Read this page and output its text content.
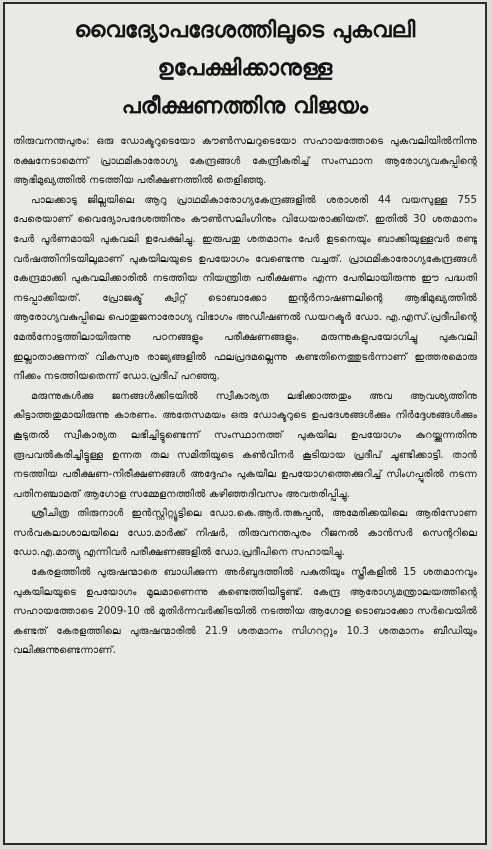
വൈദ്യോപദേശത്തിലൂടെ പുകവലി
ഉപേക്ഷിക്കാനുള്ള
പരീക്ഷണത്തിനു വിജയം

തിരുവനന്തപുരം: ഒരു ഡോക്ടറുടെയോ കൗൺസലറുടെയോ സഹായത്തോടെ പുകവലിയിൽനിന്നു രക്ഷനേടാമെന്ന് പ്രാഥമികാരോഗ്യ കേന്ദ്രങ്ങൾ കേന്ദ്രീകരിച്ച് സംസ്ഥാന ആരോഗ്യവകുപ്പിന്റെ ആഭിമുഖ്യത്തിൽ നടത്തിയ പരീക്ഷണത്തിൽ തെളിഞ്ഞു.

പാലക്കാടു ജില്ലയിലെ ആറു പ്രാഥമികാരോഗ്യകേന്ദ്രങ്ങളിൽ ശരാശരി 44 വയസുള്ള 755 പേരെയാണ് വൈദ്യോപദേശത്തിനും കൗൺസലിംഗിനും വിധേയരാക്കിയത്. ഇതിൽ 30 ശതമാനം പേർ പൂർണമായി പുകവലി ഉപേക്ഷിച്ചു. ഇരുപതു ശതമാനം പേർ ഉടനെയും ബാക്കിയുള്ളവർ രണ്ടു വർഷത്തിനിടയിലുമാണ് പുകയിലയുടെ ഉപയോഗം വേണ്ടെന്നു വച്ചത്. പ്രാഥമികാരോഗ്യകേന്ദ്രങ്ങൾ കേന്ദ്രമാക്കി പുകവലിക്കാരിൽ നടത്തിയ നിയന്ത്രിത പരീക്ഷണം എന്ന പേരിലായിരുന്നു ഈ പദ്ധതി നടപ്പാക്കിയത്. പ്രോജക്ട് ക്വിറ്റ് ടൊബാക്കോ ഇന്റർനാഷണലിന്റെ ആഭിമുഖ്യത്തിൽ ആരോഗ്യവകുപ്പിലെ പൊതുജനാരോഗ്യ വിഭാഗം അഡീഷണൽ ഡയറക്ടർ ഡോ. എ.എസ്.പ്രദീപിന്റെ മേൽനോട്ടത്തിലായിരുന്നു പഠനങ്ങളും പരീക്ഷണങ്ങളും. മരുന്നുകളുപയോഗിച്ചു പുകവലി ഇല്ലാതാക്കുന്നത് വികസ്വര രാജ്യങ്ങളിൽ ഫലപ്രദമല്ലെന്നു കണ്ടതിനെത്തുടർന്നാണ് ഇത്തരമൊരു നീക്കം നടത്തിയതെന്ന് ഡോ.പ്രദീപ് പറഞ്ഞു.

മരുന്നുകൾക്കു ജനങ്ങൾക്കിടയിൽ സ്വീകാര്യത ലഭിക്കാത്തതും അവ ആവശ്യത്തിനു കിട്ടാത്തതുമായിരുന്നു കാരണം. അതേസമയം ഒരു ഡോക്ടറുടെ ഉപദേശങ്ങൾക്കും നിർദ്ദേശങ്ങൾക്കും കൂടുതൽ സ്വീകാര്യത ലഭിച്ചിട്ടുണ്ടെന്ന് സംസ്ഥാനത്ത് പുകയില ഉപയോഗം കുറയ്ക്കുന്നതിനു രൂപവൽകരിച്ചിട്ടുള്ള ഉന്നത തല സമിതിയുടെ കൺവീനർ കൂടിയായ പ്രദീപ് ചൂണ്ടിക്കാട്ടി. താൻ നടത്തിയ പരീക്ഷണ-നിരീക്ഷണങ്ങൾ അദ്ദേഹം പുകയില ഉപയോഗത്തെക്കുറിച്ച് സിംഗപ്പൂരിൽ നടന്ന പതിനഞ്ചാമത് ആഗോള സമ്മേളനത്തിൽ കഴിഞ്ഞദിവസം അവതരിപ്പിച്ചു.

ശ്രീചിത്ര തിരുനാൾ ഇൻസ്റ്റിറ്റ്യൂട്ടിലെ ഡോ.കെ.ആർ.തങ്കപ്പൻ, അമേരിക്കയിലെ ആരിസോണ സർവകലാശാലയിലെ ഡോ.മാർക്ക് നിഷർ, തിരുവനന്തപുരം റീജനൽ കാൻസർ സെന്ററിലെ ഡോ.എ.മാത്യു എന്നിവർ പരീക്ഷണങ്ങളിൽ ഡോ.പ്രദീപിനെ സഹായിച്ചു.

കേരളത്തിൽ പുരുഷന്മാരെ ബാധിക്കുന്ന അർബുദത്തിൽ പകുതിയും സ്ത്രീകളിൽ 15 ശതമാനവും പുകയിലയുടെ ഉപയോഗം മൂലമാണെന്നു കണ്ടെത്തിയിട്ടുണ്ട്. കേന്ദ്ര ആരോഗ്യമന്ത്രാലയത്തിന്റെ സഹായത്തോടെ 2009-10 ൽ മുതിർന്നവർക്കിടയിൽ നടത്തിയ ആഗോള ടൊബാക്കോ സർവെയിൽ കണ്ടത് കേരളത്തിലെ പുരുഷന്മാരിൽ 21.9 ശതമാനം സിഗററ്റും 10.3 ശതമാനം ബീഡിയും വലിക്കുന്നുണ്ടെന്നാണ്.
